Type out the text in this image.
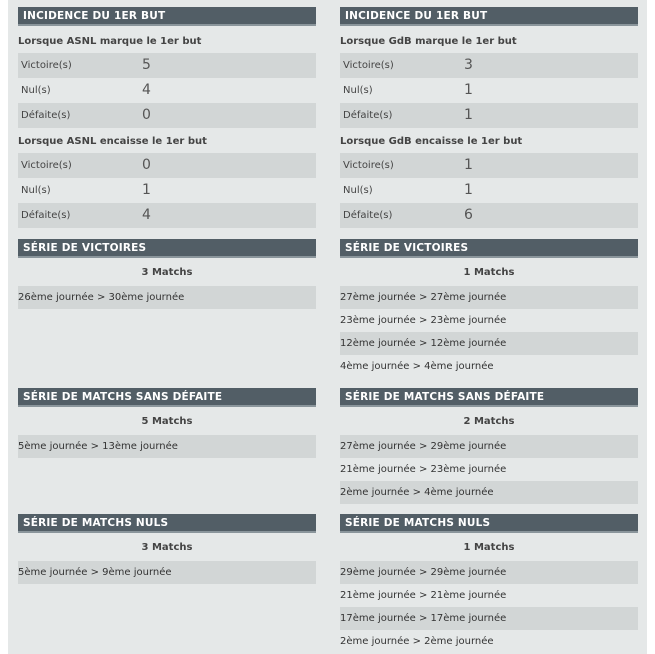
INCIDENCE DU 1ER BUT
Lorsque ASNL marque le 1er but
Victoire(s)	5
Nul(s)	4
Défaite(s)	0
Lorsque ASNL encaisse le 1er but
Victoire(s)	0
Nul(s)	1
Défaite(s)	4
SÉRIE DE VICTOIRES
3 Matchs
26ème journée > 30ème journée
SÉRIE DE MATCHS SANS DÉFAITE
5 Matchs
5ème journée > 13ème journée
SÉRIE DE MATCHS NULS
3 Matchs
5ème journée > 9ème journée
INCIDENCE DU 1ER BUT
Lorsque GdB marque le 1er but
Victoire(s)	3
Nul(s)	1
Défaite(s)	1
Lorsque GdB encaisse le 1er but
Victoire(s)	1
Nul(s)	1
Défaite(s)	6
SÉRIE DE VICTOIRES
1 Matchs
27ème journée > 27ème journée
23ème journée > 23ème journée
12ème journée > 12ème journée
4ème journée > 4ème journée
SÉRIE DE MATCHS SANS DÉFAITE
2 Matchs
27ème journée > 29ème journée
21ème journée > 23ème journée
2ème journée > 4ème journée
SÉRIE DE MATCHS NULS
1 Matchs
29ème journée > 29ème journée
21ème journée > 21ème journée
17ème journée > 17ème journée
2ème journée > 2ème journée
